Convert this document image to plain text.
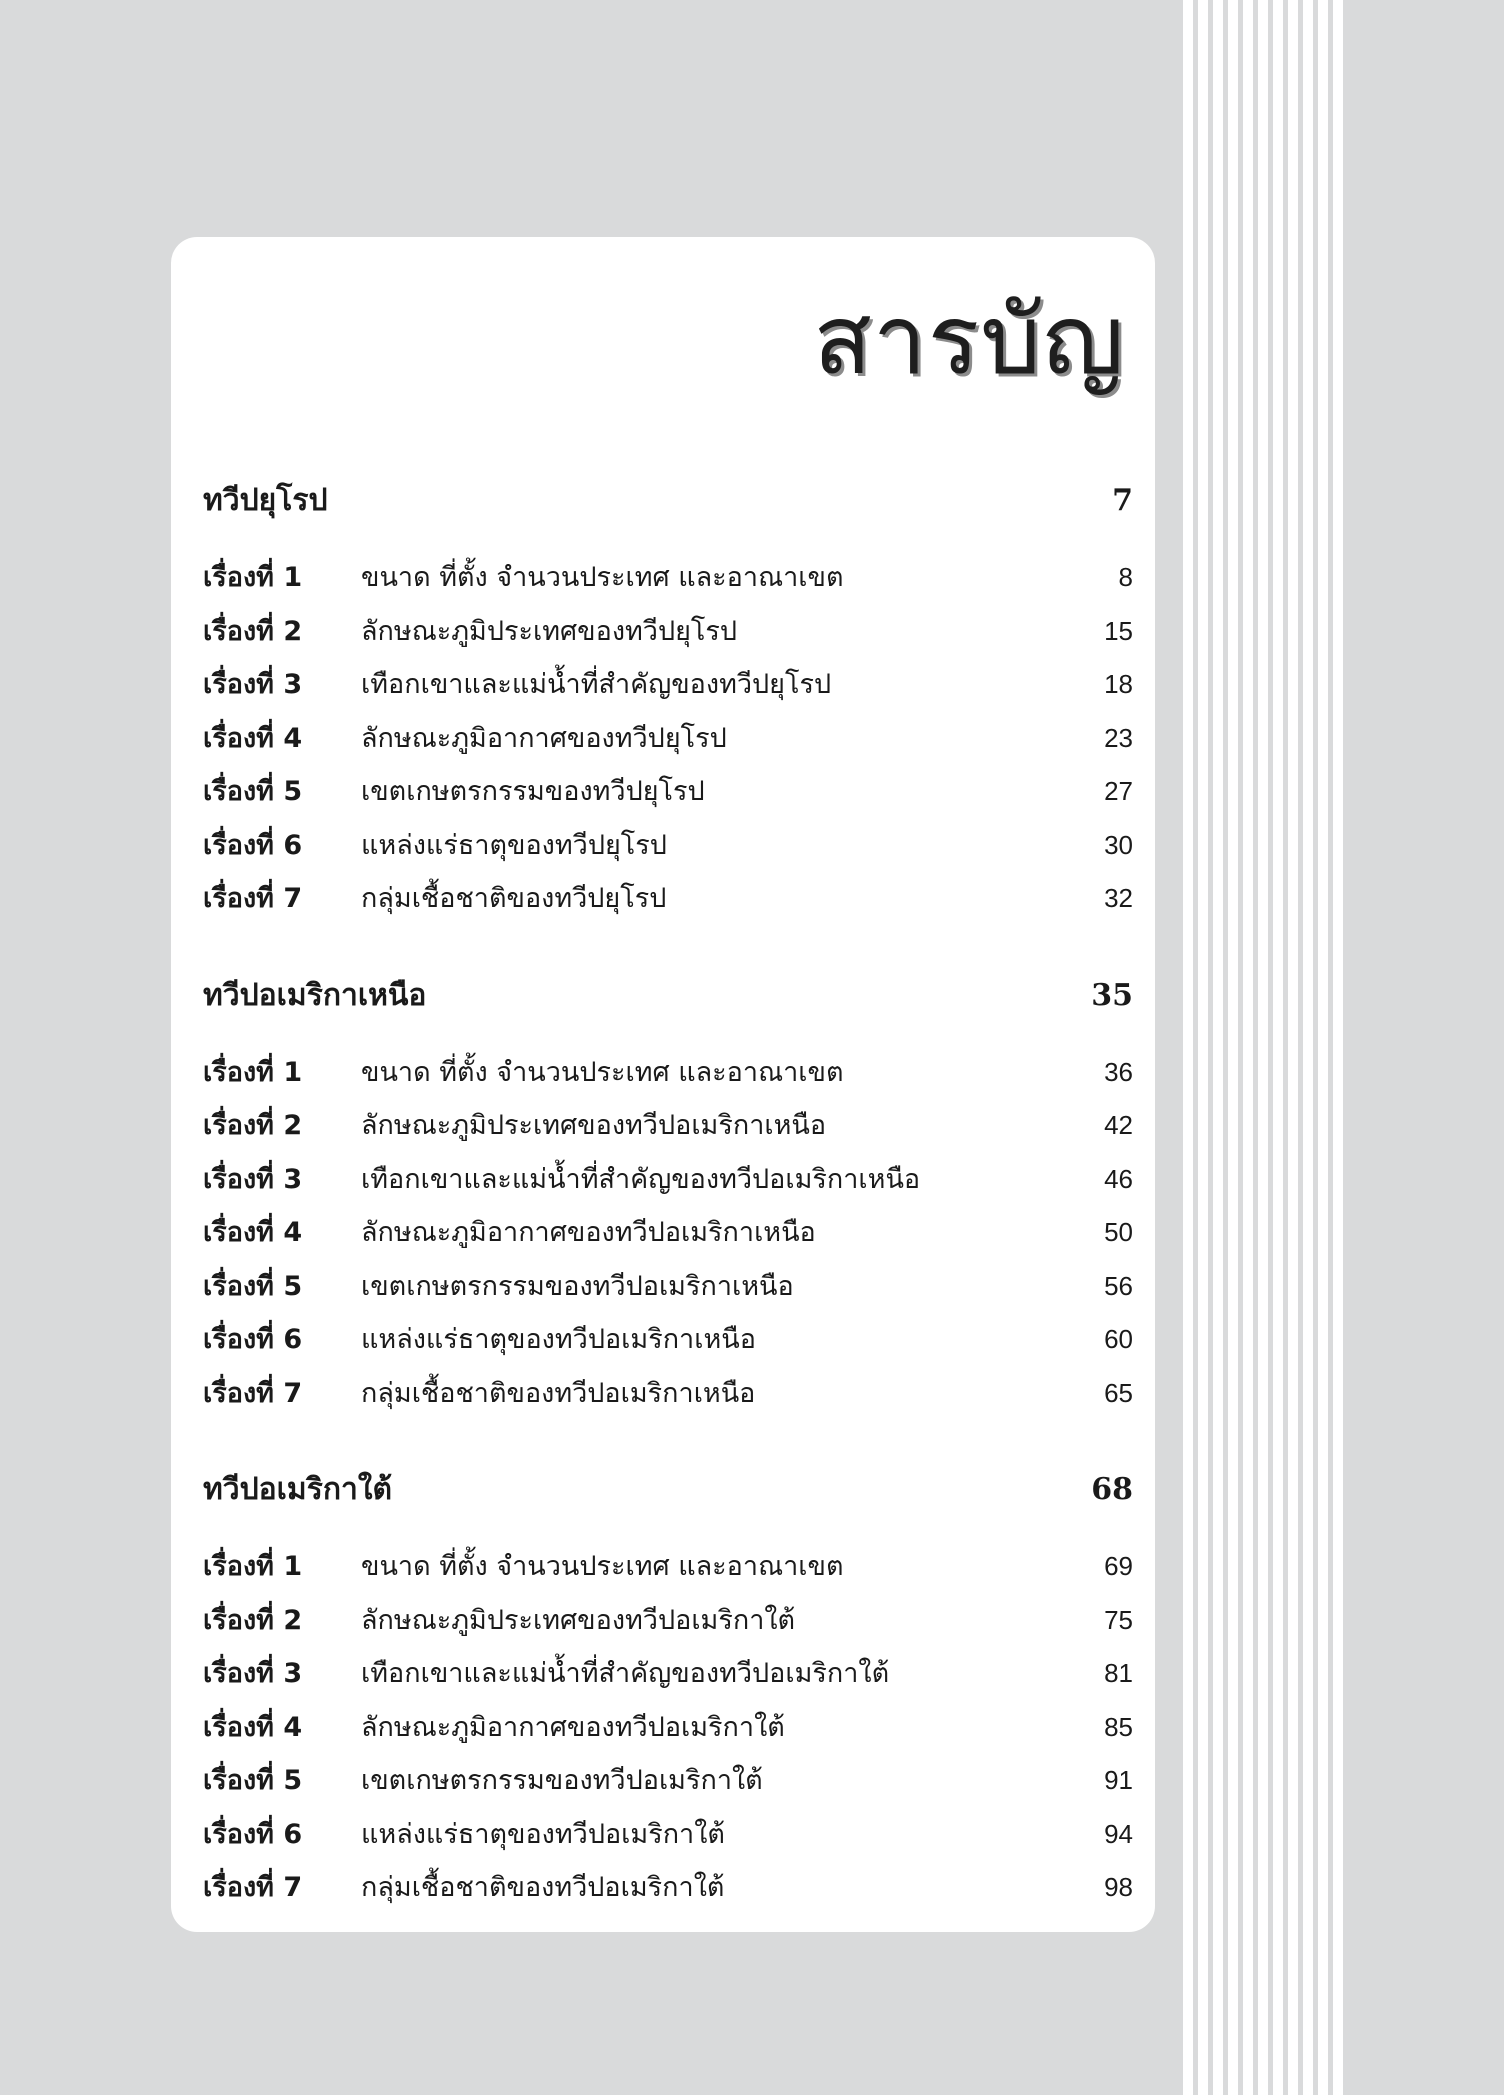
สารบัญ
ทวีปยุโรป	7
เรื่องที่ 1	ขนาด ที่ตั้ง จำนวนประเทศ และอาณาเขต	8
เรื่องที่ 2	ลักษณะภูมิประเทศของทวีปยุโรป	15
เรื่องที่ 3	เทือกเขาและแม่น้ำที่สำคัญของทวีปยุโรป	18
เรื่องที่ 4	ลักษณะภูมิอากาศของทวีปยุโรป	23
เรื่องที่ 5	เขตเกษตรกรรมของทวีปยุโรป	27
เรื่องที่ 6	แหล่งแร่ธาตุของทวีปยุโรป	30
เรื่องที่ 7	กลุ่มเชื้อชาติของทวีปยุโรป	32
ทวีปอเมริกาเหนือ	35
เรื่องที่ 1	ขนาด ที่ตั้ง จำนวนประเทศ และอาณาเขต	36
เรื่องที่ 2	ลักษณะภูมิประเทศของทวีปอเมริกาเหนือ	42
เรื่องที่ 3	เทือกเขาและแม่น้ำที่สำคัญของทวีปอเมริกาเหนือ	46
เรื่องที่ 4	ลักษณะภูมิอากาศของทวีปอเมริกาเหนือ	50
เรื่องที่ 5	เขตเกษตรกรรมของทวีปอเมริกาเหนือ	56
เรื่องที่ 6	แหล่งแร่ธาตุของทวีปอเมริกาเหนือ	60
เรื่องที่ 7	กลุ่มเชื้อชาติของทวีปอเมริกาเหนือ	65
ทวีปอเมริกาใต้	68
เรื่องที่ 1	ขนาด ที่ตั้ง จำนวนประเทศ และอาณาเขต	69
เรื่องที่ 2	ลักษณะภูมิประเทศของทวีปอเมริกาใต้	75
เรื่องที่ 3	เทือกเขาและแม่น้ำที่สำคัญของทวีปอเมริกาใต้	81
เรื่องที่ 4	ลักษณะภูมิอากาศของทวีปอเมริกาใต้	85
เรื่องที่ 5	เขตเกษตรกรรมของทวีปอเมริกาใต้	91
เรื่องที่ 6	แหล่งแร่ธาตุของทวีปอเมริกาใต้	94
เรื่องที่ 7	กลุ่มเชื้อชาติของทวีปอเมริกาใต้	98
